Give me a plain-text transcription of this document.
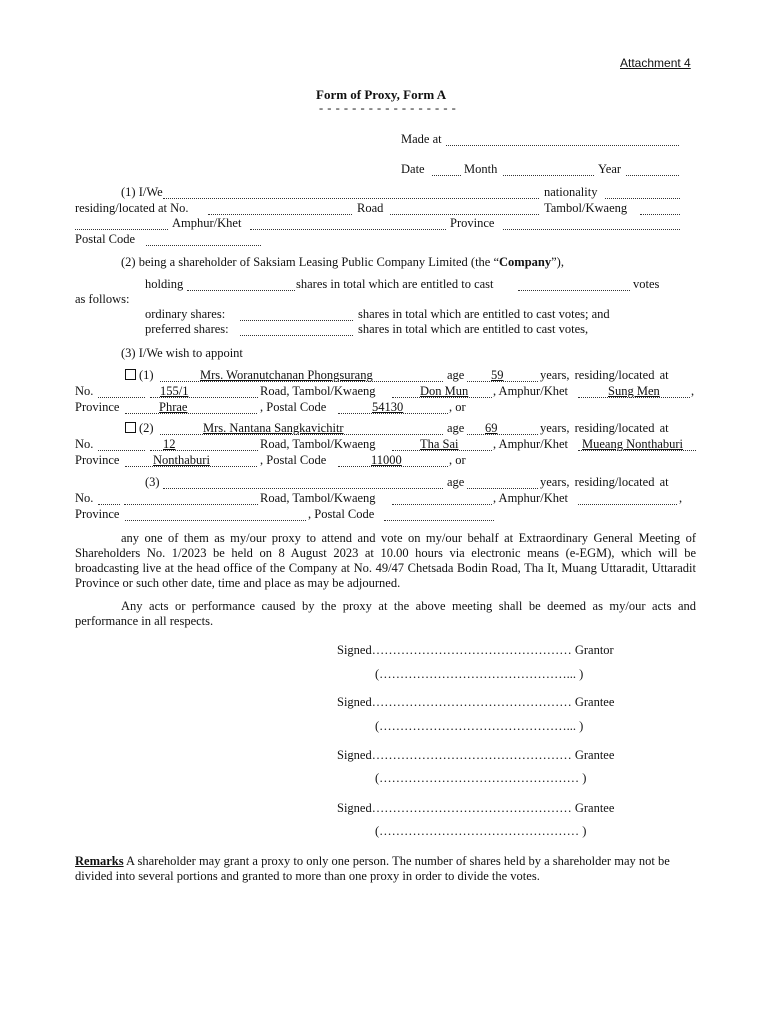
Attachment 4
Form of Proxy, Form A
- - - - - - - - - - - - - - - - -
Made at
Date	Month	Year
(1) I/We	nationality
residing/located at No.	Road	Tambol/Kwaeng
Amphur/Khet	Province
Postal Code
(2) being a shareholder of Saksiam Leasing Public Company Limited (the “Company”),
holding	shares in total which are entitled to cast	votes
as follows:
ordinary shares:	shares in total which are entitled to cast votes; and
preferred shares:	shares in total which are entitled to cast votes,
(3) I/We wish to appoint
(1)	Mrs. Woranutchanan Phongsurang	age 59	years, residing/located at
No.	155/1	Road, Tambol/Kwaeng	Don Mun , Amphur/Khet	Sung Men	,
Province	Phrae	, Postal Code	54130	, or
(2)	Mrs. Nantana Sangkavichitr	age 69	years, residing/located at
No.	12	Road, Tambol/Kwaeng	Tha Sai	, Amphur/Khet Mueang Nonthaburi
Province	Nonthaburi	, Postal Code	11000	, or
(3)	age	years, residing/located at
No.	Road, Tambol/Kwaeng	, Amphur/Khet	,
Province	, Postal Code
any one of them as my/our proxy to attend and vote on my/our behalf at Extraordinary General Meeting of Shareholders No. 1/2023 be held on 8 August 2023 at 10.00 hours via electronic means (e-EGM), which will be broadcasting live at the head office of the Company at No. 49/47 Chetsada Bodin Road, Tha It, Muang Uttaradit, Uttaradit Province or such other date, time and place as may be adjourned.
Any acts or performance caused by the proxy at the above meeting shall be deemed as my/our acts and performance in all respects.
Signed………………………………………… Grantor
(………………………………………... )
Signed………………………………………… Grantee
(………………………………………... )
Signed………………………………………… Grantee
(………………………………………… )
Signed………………………………………… Grantee
(………………………………………… )
Remarks A shareholder may grant a proxy to only one person. The number of shares held by a shareholder may not be divided into several portions and granted to more than one proxy in order to divide the votes.
